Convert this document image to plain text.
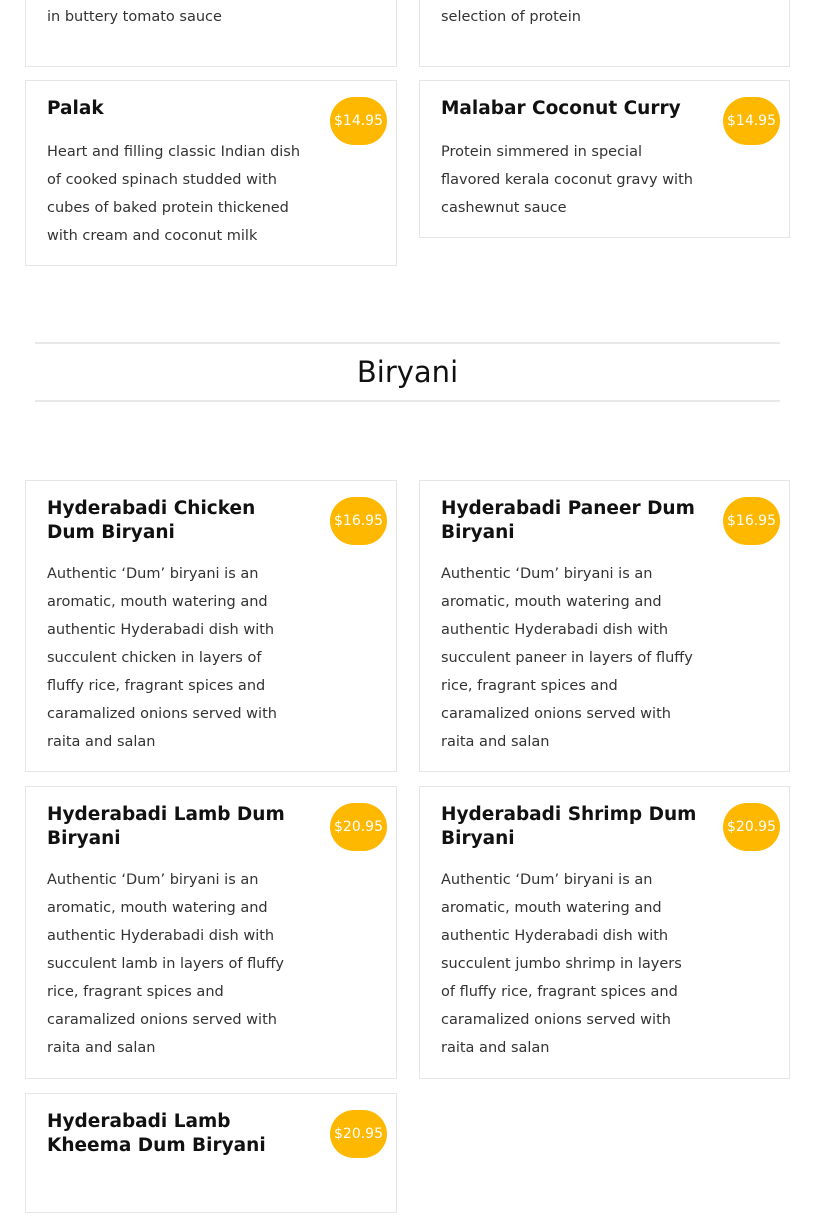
in buttery tomato sauce	selection of protein
Palak
$14.95
Heart and filling classic Indian dish of cooked spinach studded with cubes of baked protein thickened with cream and coconut milk
Malabar Coconut Curry
$14.95
Protein simmered in special flavored kerala coconut gravy with cashewnut sauce
Biryani
Hyderabadi Chicken Dum Biryani
$16.95
Authentic ‘Dum’ biryani is an aromatic, mouth watering and authentic Hyderabadi dish with succulent chicken in layers of fluffy rice, fragrant spices and caramalized onions served with raita and salan
Hyderabadi Paneer Dum Biryani
$16.95
Authentic ‘Dum’ biryani is an aromatic, mouth watering and authentic Hyderabadi dish with succulent paneer in layers of fluffy rice, fragrant spices and caramalized onions served with raita and salan
Hyderabadi Lamb Dum Biryani
$20.95
Authentic ‘Dum’ biryani is an aromatic, mouth watering and authentic Hyderabadi dish with succulent lamb in layers of fluffy rice, fragrant spices and caramalized onions served with raita and salan
Hyderabadi Shrimp Dum Biryani
$20.95
Authentic ‘Dum’ biryani is an aromatic, mouth watering and authentic Hyderabadi dish with succulent jumbo shrimp in layers of fluffy rice, fragrant spices and caramalized onions served with raita and salan
Hyderabadi Lamb Kheema Dum Biryani
$20.95
